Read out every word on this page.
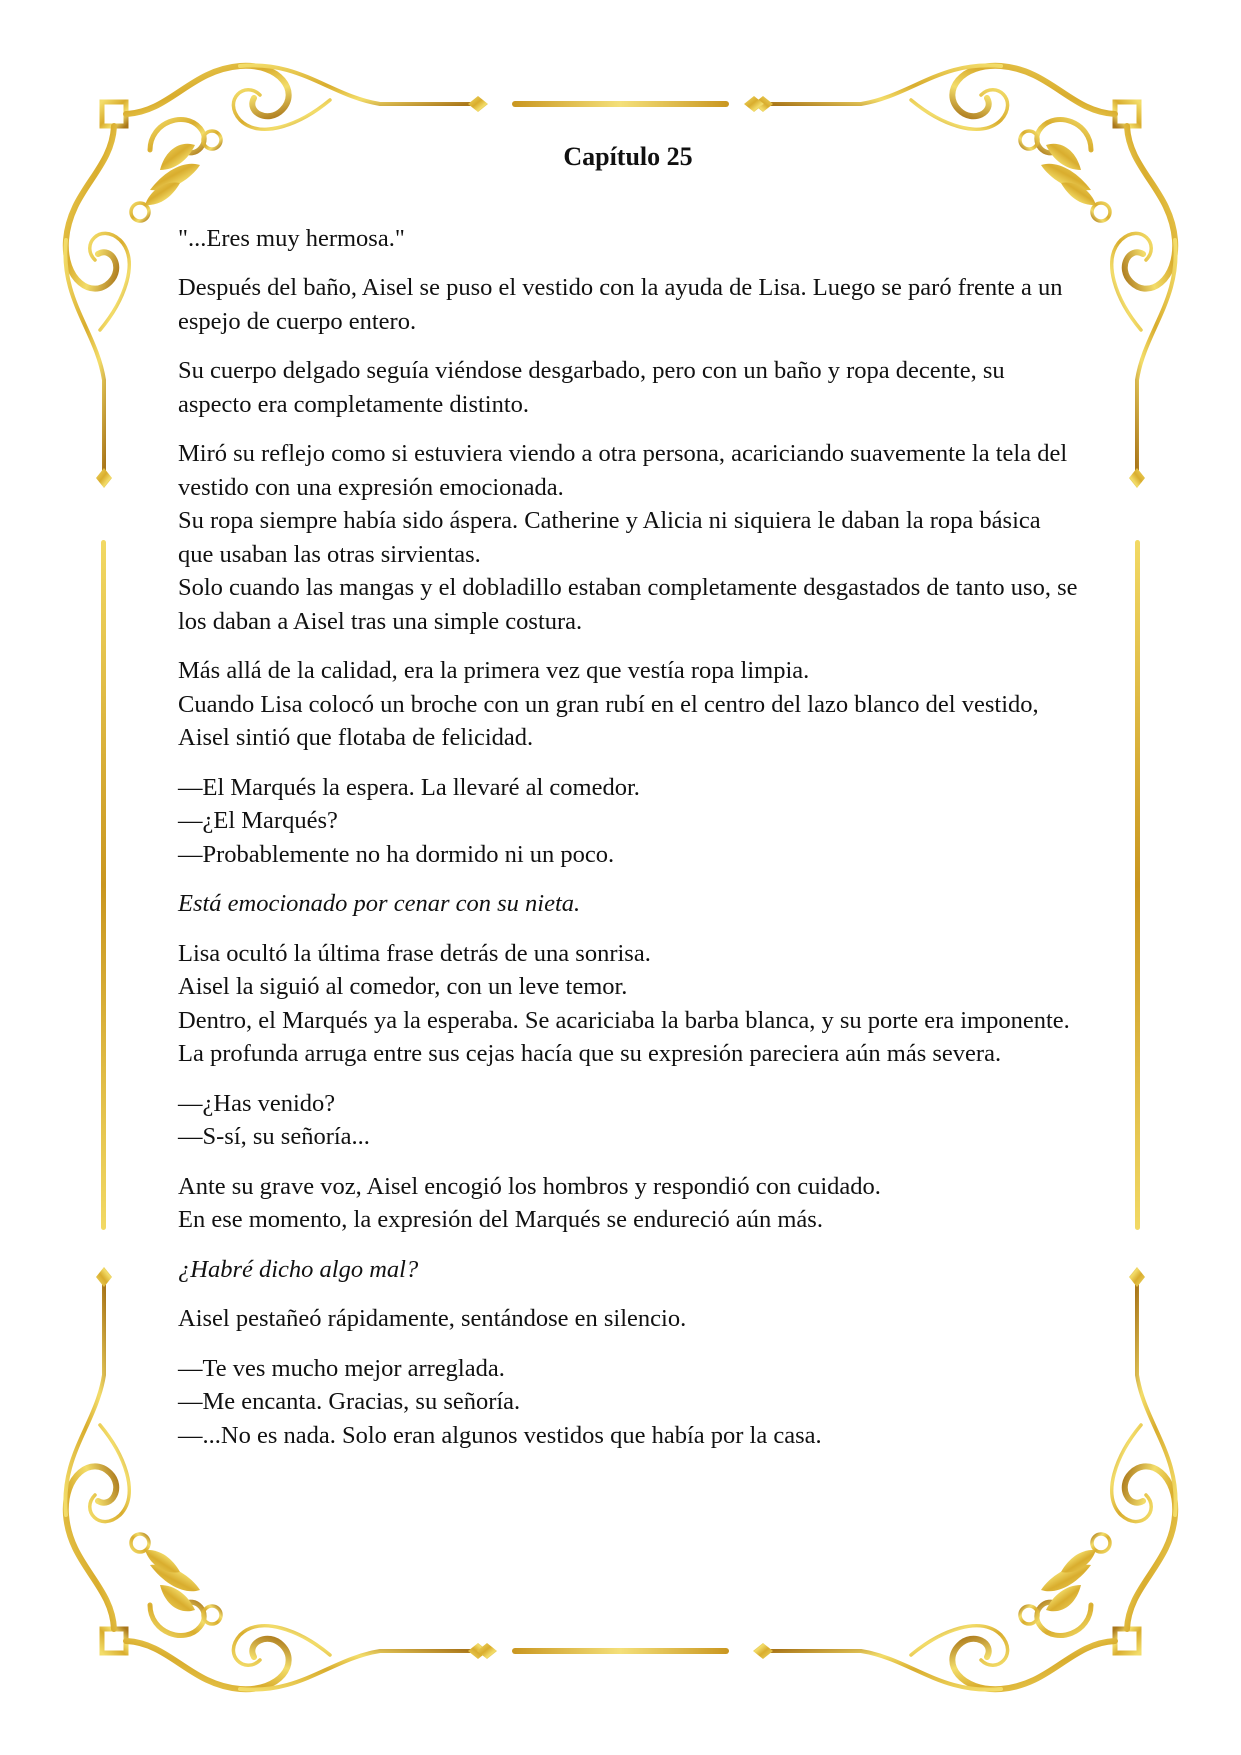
Capítulo 25
"...Eres muy hermosa."
Después del baño, Aisel se puso el vestido con la ayuda de Lisa. Luego se paró frente a un espejo de cuerpo entero.
Su cuerpo delgado seguía viéndose desgarbado, pero con un baño y ropa decente, su aspecto era completamente distinto.
Miró su reflejo como si estuviera viendo a otra persona, acariciando suavemente la tela del vestido con una expresión emocionada.
Su ropa siempre había sido áspera. Catherine y Alicia ni siquiera le daban la ropa básica que usaban las otras sirvientas.
Solo cuando las mangas y el dobladillo estaban completamente desgastados de tanto uso, se los daban a Aisel tras una simple costura.
Más allá de la calidad, era la primera vez que vestía ropa limpia.
Cuando Lisa colocó un broche con un gran rubí en el centro del lazo blanco del vestido, Aisel sintió que flotaba de felicidad.
—El Marqués la espera. La llevaré al comedor.
—¿El Marqués?
—Probablemente no ha dormido ni un poco.
Está emocionado por cenar con su nieta.
Lisa ocultó la última frase detrás de una sonrisa.
Aisel la siguió al comedor, con un leve temor.
Dentro, el Marqués ya la esperaba. Se acariciaba la barba blanca, y su porte era imponente.
La profunda arruga entre sus cejas hacía que su expresión pareciera aún más severa.
—¿Has venido?
—S-sí, su señoría...
Ante su grave voz, Aisel encogió los hombros y respondió con cuidado.
En ese momento, la expresión del Marqués se endureció aún más.
¿Habré dicho algo mal?
Aisel pestañeó rápidamente, sentándose en silencio.
—Te ves mucho mejor arreglada.
—Me encanta. Gracias, su señoría.
—...No es nada. Solo eran algunos vestidos que había por la casa.
